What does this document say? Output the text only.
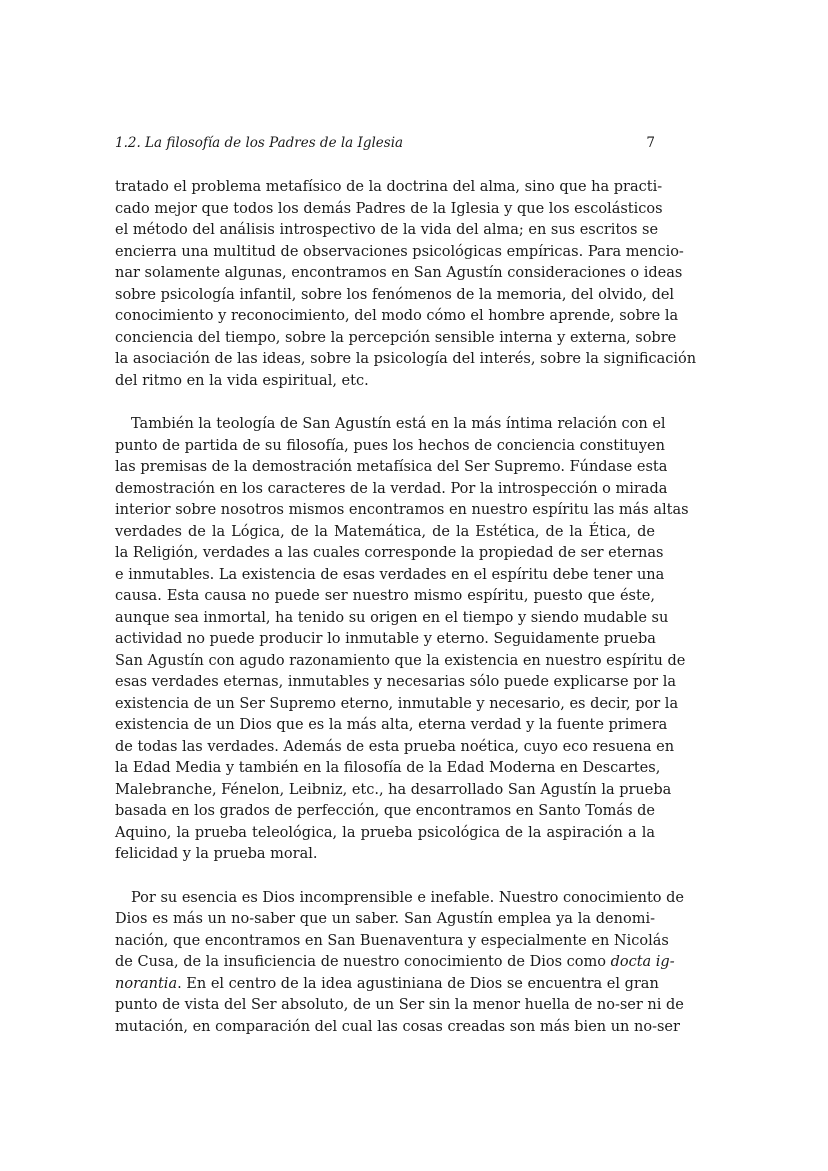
1.2. La filosofía de los Padres de la Iglesia	7
tratado el problema metafísico de la doctrina del alma, sino que ha practi-
cado mejor que todos los demás Padres de la Iglesia y que los escolásticos
el método del análisis introspectivo de la vida del alma; en sus escritos se
encierra una multitud de observaciones psicológicas empíricas. Para mencio-
nar solamente algunas, encontramos en San Agustín consideraciones o ideas
sobre psicología infantil, sobre los fenómenos de la memoria, del olvido, del
conocimiento y reconocimiento, del modo cómo el hombre aprende, sobre la
conciencia del tiempo, sobre la percepción sensible interna y externa, sobre
la asociación de las ideas, sobre la psicología del interés, sobre la significación
del ritmo en la vida espiritual, etc.
También la teología de San Agustín está en la más íntima relación con el
punto de partida de su filosofía, pues los hechos de conciencia constituyen
las premisas de la demostración metafísica del Ser Supremo. Fúndase esta
demostración en los caracteres de la verdad. Por la introspección o mirada
interior sobre nosotros mismos encontramos en nuestro espíritu las más altas
verdades de la Lógica, de la Matemática, de la Estética, de la Ética, de
la Religión, verdades a las cuales corresponde la propiedad de ser eternas
e inmutables. La existencia de esas verdades en el espíritu debe tener una
causa. Esta causa no puede ser nuestro mismo espíritu, puesto que éste,
aunque sea inmortal, ha tenido su origen en el tiempo y siendo mudable su
actividad no puede producir lo inmutable y eterno. Seguidamente prueba
San Agustín con agudo razonamiento que la existencia en nuestro espíritu de
esas verdades eternas, inmutables y necesarias sólo puede explicarse por la
existencia de un Ser Supremo eterno, inmutable y necesario, es decir, por la
existencia de un Dios que es la más alta, eterna verdad y la fuente primera
de todas las verdades. Además de esta prueba noética, cuyo eco resuena en
la Edad Media y también en la filosofía de la Edad Moderna en Descartes,
Malebranche, Fénelon, Leibniz, etc., ha desarrollado San Agustín la prueba
basada en los grados de perfección, que encontramos en Santo Tomás de
Aquino, la prueba teleológica, la prueba psicológica de la aspiración a la
felicidad y la prueba moral.
Por su esencia es Dios incomprensible e inefable. Nuestro conocimiento de
Dios es más un no-saber que un saber. San Agustín emplea ya la denomi-
nación, que encontramos en San Buenaventura y especialmente en Nicolás
de Cusa, de la insuficiencia de nuestro conocimiento de Dios como docta ig-
norantia. En el centro de la idea agustiniana de Dios se encuentra el gran
punto de vista del Ser absoluto, de un Ser sin la menor huella de no-ser ni de
mutación, en comparación del cual las cosas creadas son más bien un no-ser
